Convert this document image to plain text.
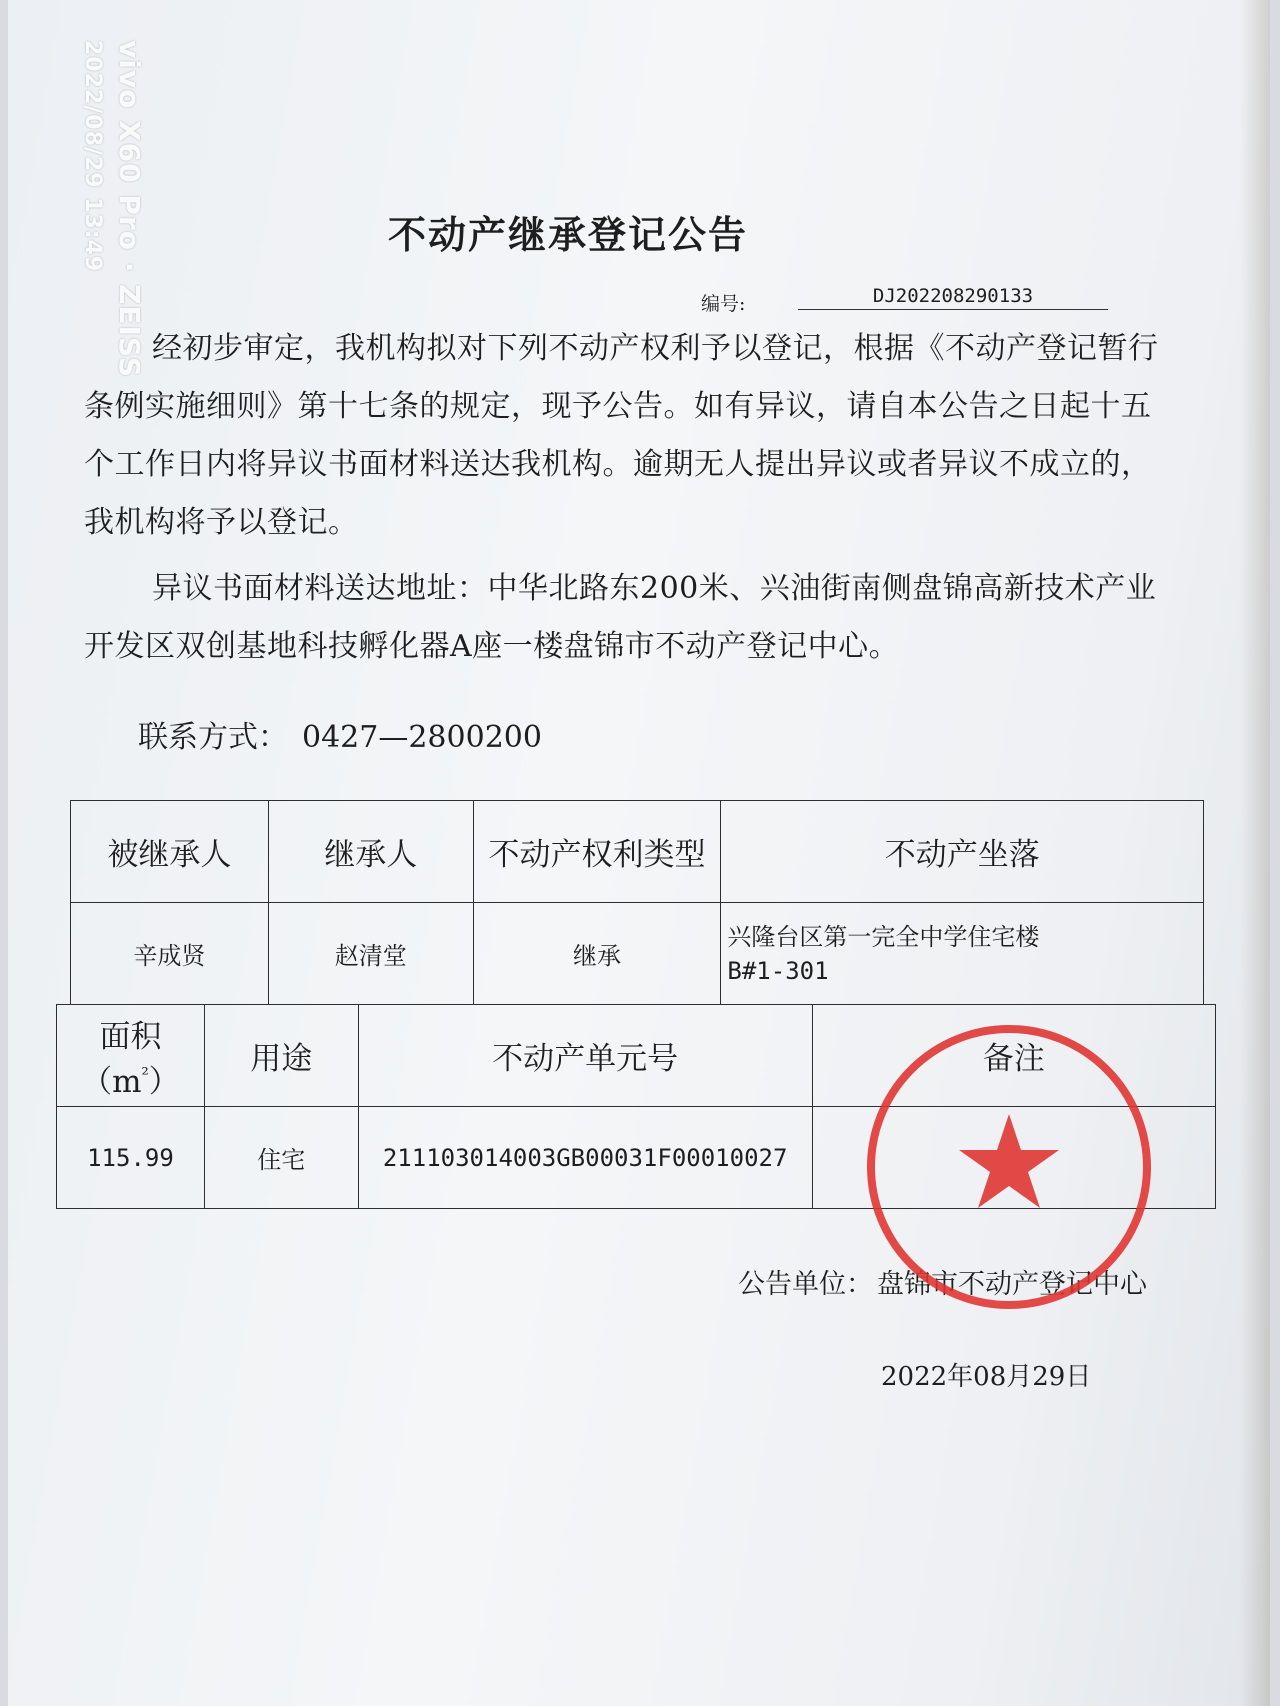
vivo X60 Pro · ZEISS
2022/08/29 13:49	不动产继承登记公告
编号:	DJ202208290133
经初步审定，我机构拟对下列不动产权利予以登记，根据《不动产登记暂行条例实施细则》第十七条的规定，现予公告。如有异议，请自本公告之日起十五个工作日内将异议书面材料送达我机构。逾期无人提出异议或者异议不成立的，我机构将予以登记。
异议书面材料送达地址：中华北路东200米、兴油街南侧盘锦高新技术产业开发区双创基地科技孵化器A座一楼盘锦市不动产登记中心。
联系方式： 0427—2800200
被继承人	继承人	不动产权利类型	不动产坐落
辛成贤	赵清堂	继承	兴隆台区第一完全中学住宅楼
B#1-301
面积$(m^{^2})$	用途	不动产单元号	备注
115.99	住宅	211103014003GB00031F00010027	
公告单位： 盘锦市不动产登记中心
2022年08月29日
